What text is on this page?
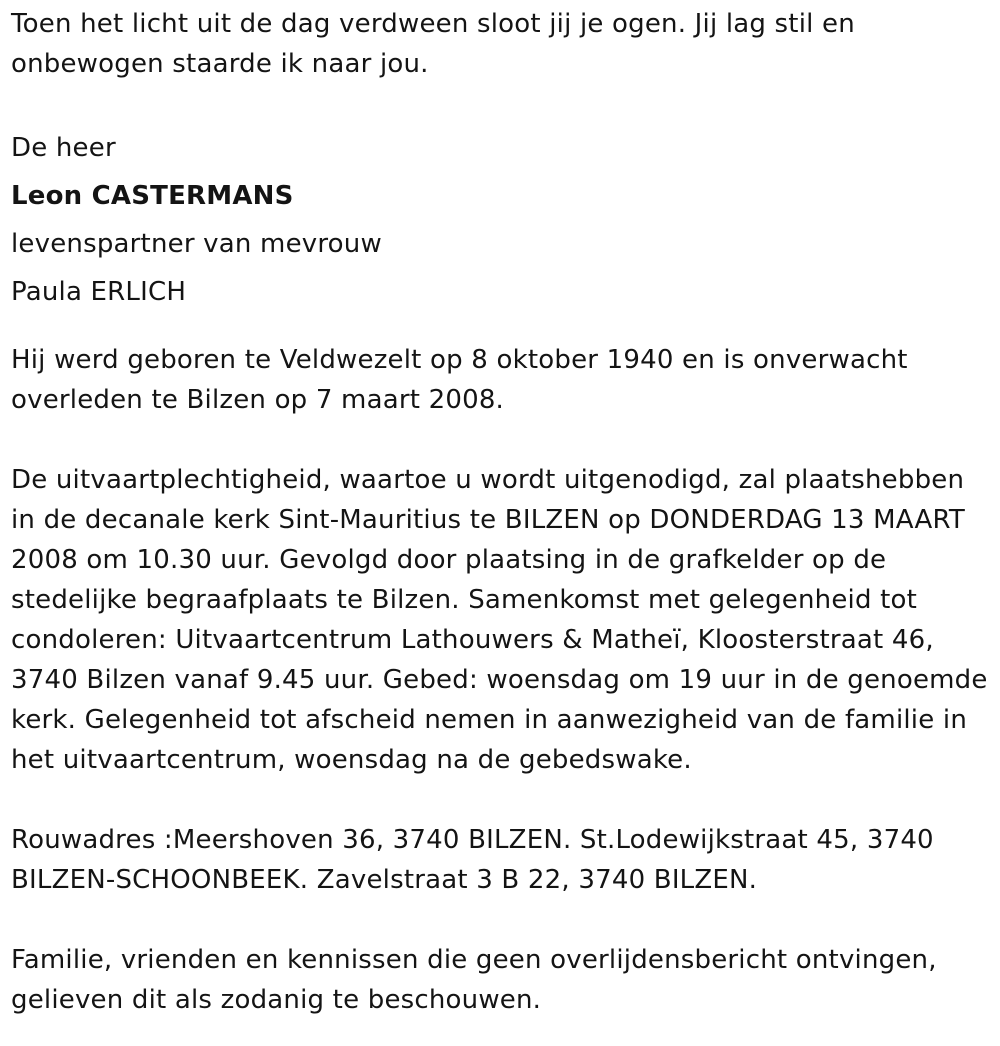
Toen het licht uit de dag verdween sloot jij je ogen. Jij lag stil en onbewogen staarde ik naar jou.

De heer
Leon CASTERMANS
levenspartner van mevrouw
Paula ERLICH

Hij werd geboren te Veldwezelt op 8 oktober 1940 en is onverwacht overleden te Bilzen op 7 maart 2008.

De uitvaartplechtigheid, waartoe u wordt uitgenodigd, zal plaatshebben in de decanale kerk Sint-Mauritius te BILZEN op DONDERDAG 13 MAART 2008 om 10.30 uur. Gevolgd door plaatsing in de grafkelder op de stedelijke begraafplaats te Bilzen. Samenkomst met gelegenheid tot condoleren: Uitvaartcentrum Lathouwers & Matheï, Kloosterstraat 46, 3740 Bilzen vanaf 9.45 uur. Gebed: woensdag om 19 uur in de genoemde kerk. Gelegenheid tot afscheid nemen in aanwezigheid van de familie in het uitvaartcentrum, woensdag na de gebedswake.

Rouwadres :Meershoven 36, 3740 BILZEN. St.Lodewijkstraat 45, 3740 BILZEN-SCHOONBEEK. Zavelstraat 3 B 22, 3740 BILZEN.

Familie, vrienden en kennissen die geen overlijdensbericht ontvingen, gelieven dit als zodanig te beschouwen.
